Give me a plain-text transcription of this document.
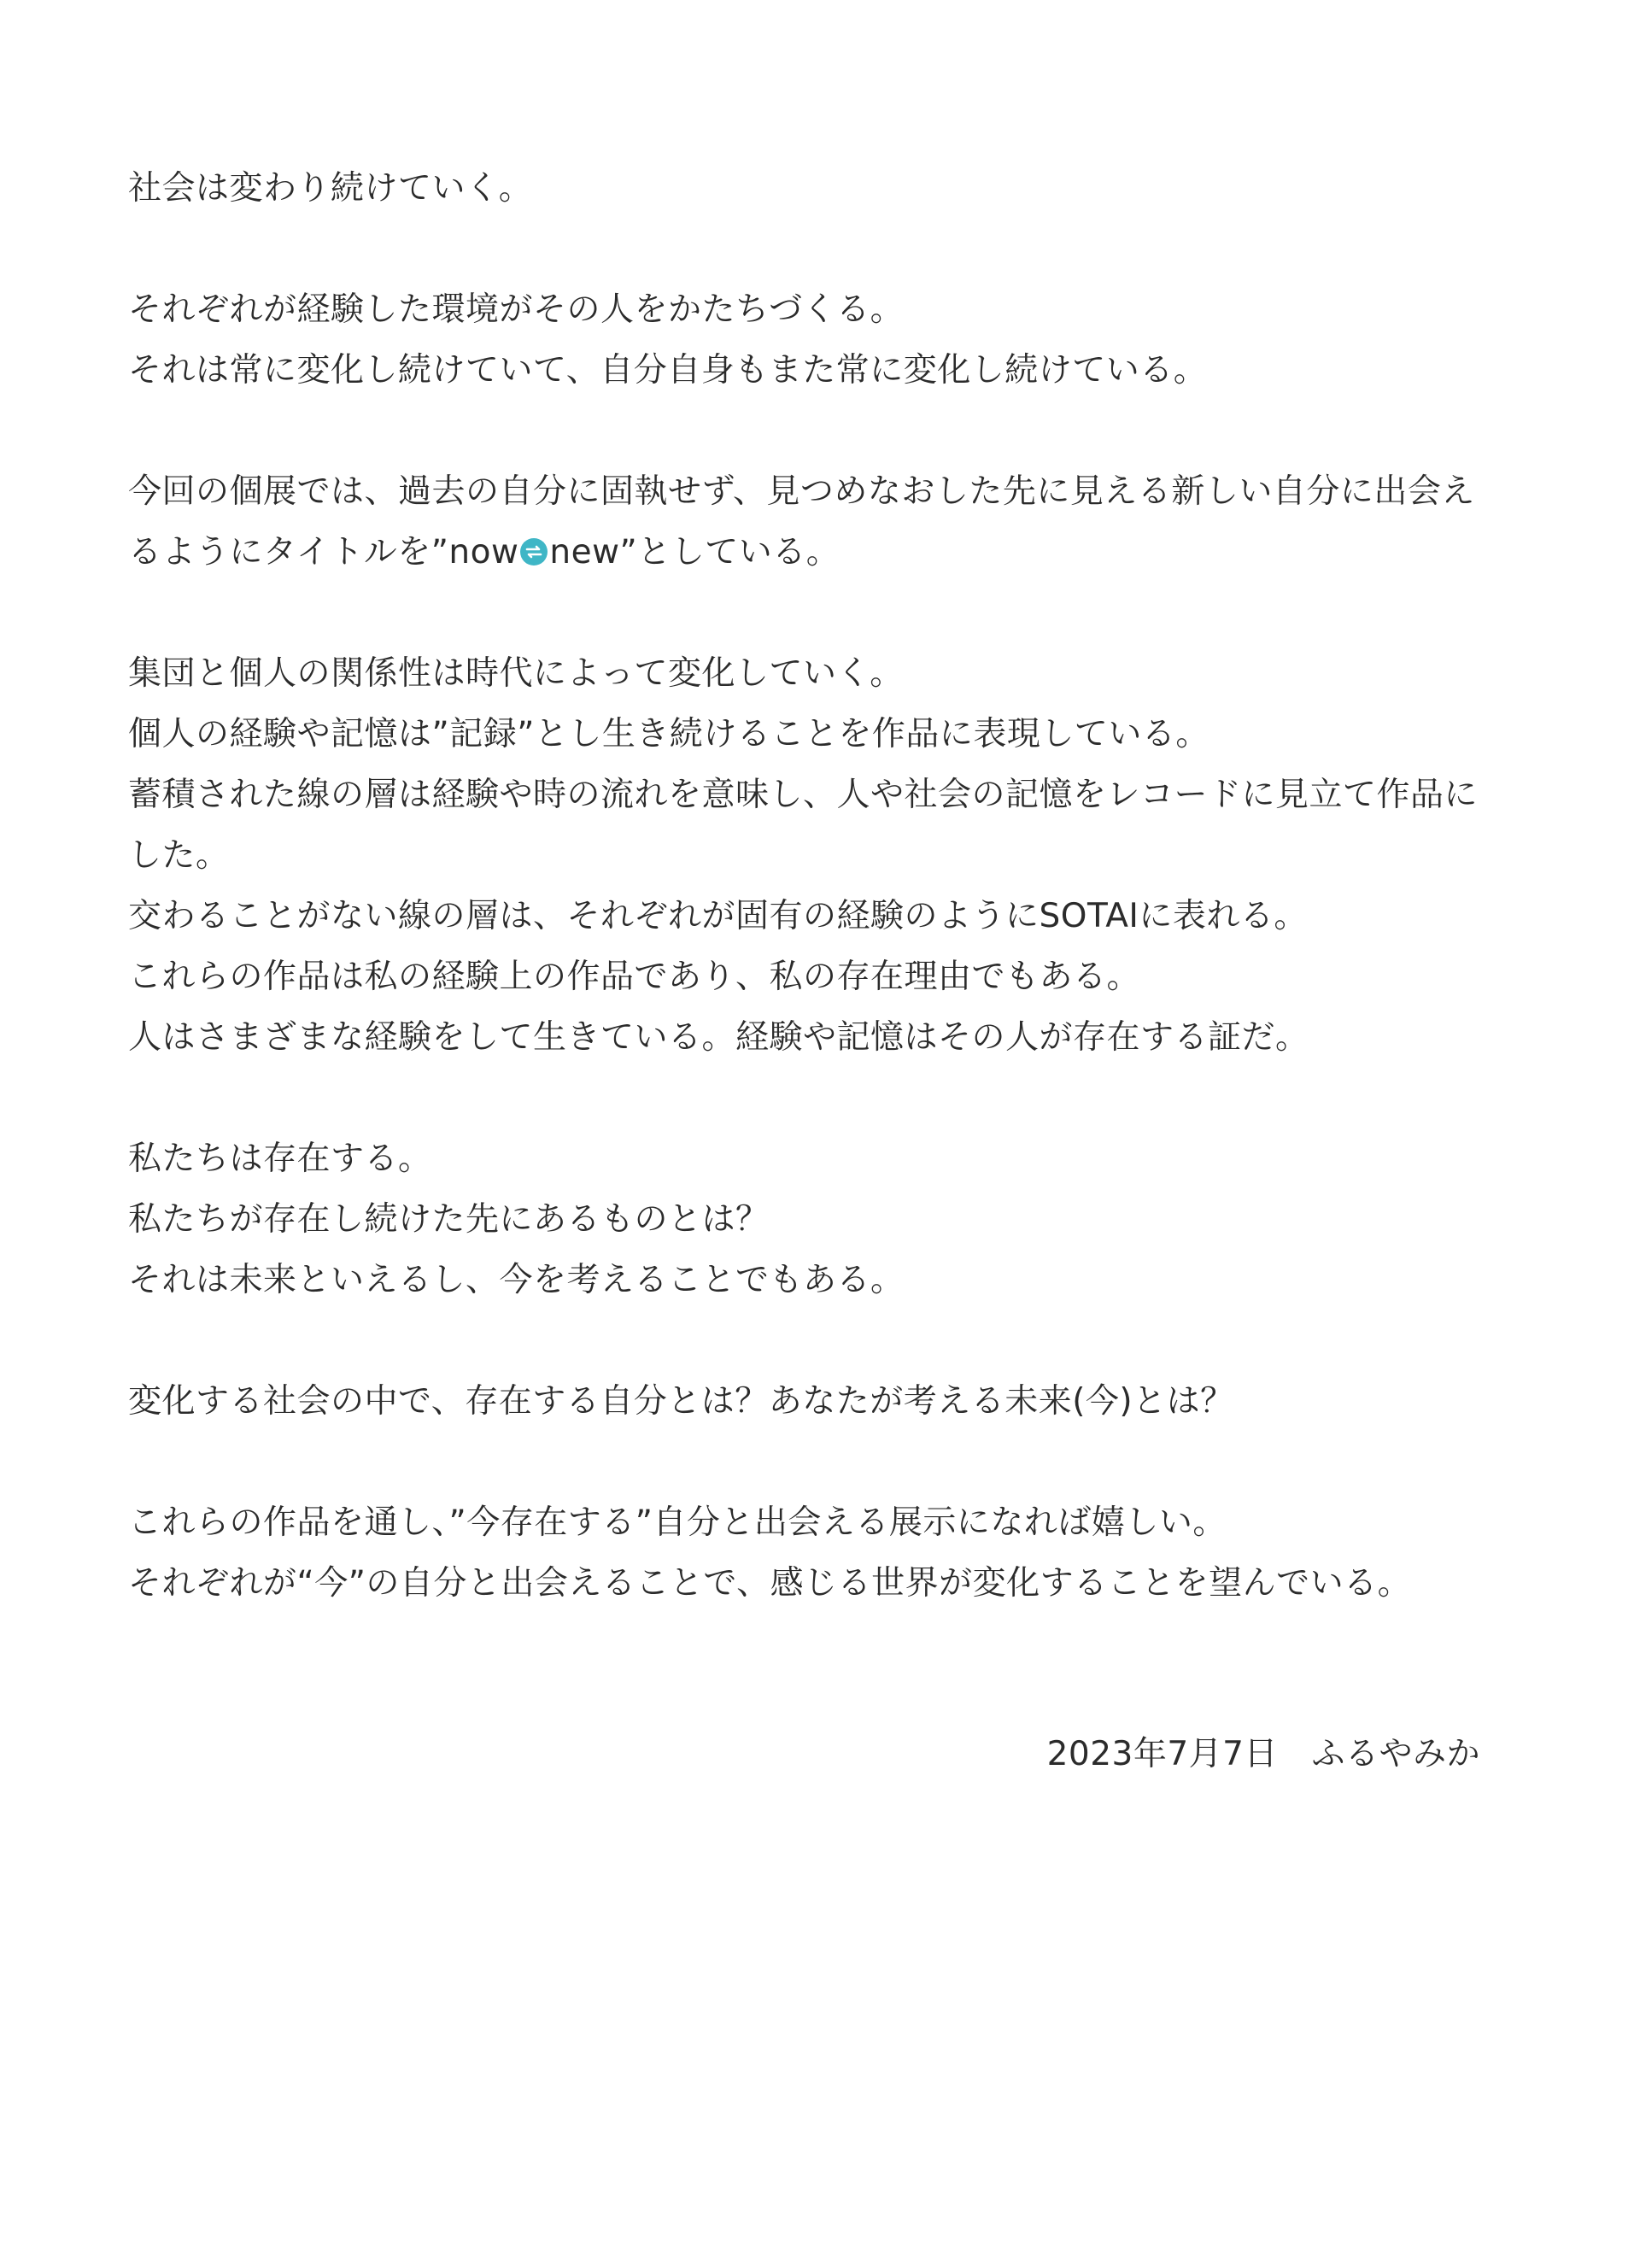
社会は変わり続けていく。
それぞれが経験した環境がその人をかたちづくる。
それは常に変化し続けていて、自分自身もまた常に変化し続けている。
今回の個展では、過去の自分に固執せず、見つめなおした先に見える新しい自分に出会え
るようにタイトルを”now new”としている。
集団と個人の関係性は時代によって変化していく。
個人の経験や記憶は”記録”とし生き続けることを作品に表現している。
蓄積された線の層は経験や時の流れを意味し、人や社会の記憶をレコードに見立て作品に
した。
交わることがない線の層は、それぞれが固有の経験のようにSOTAIに表れる。
これらの作品は私の経験上の作品であり、私の存在理由でもある。
人はさまざまな経験をして生きている。経験や記憶はその人が存在する証だ。
私たちは存在する。
私たちが存在し続けた先にあるものとは？
それは未来といえるし、今を考えることでもある。
変化する社会の中で、存在する自分とは？あなたが考える未来(今)とは？
これらの作品を通し、”今存在する”自分と出会える展示になれば嬉しい。
それぞれが“今”の自分と出会えることで、感じる世界が変化することを望んでいる。
2023年7月7日　ふるやみか
